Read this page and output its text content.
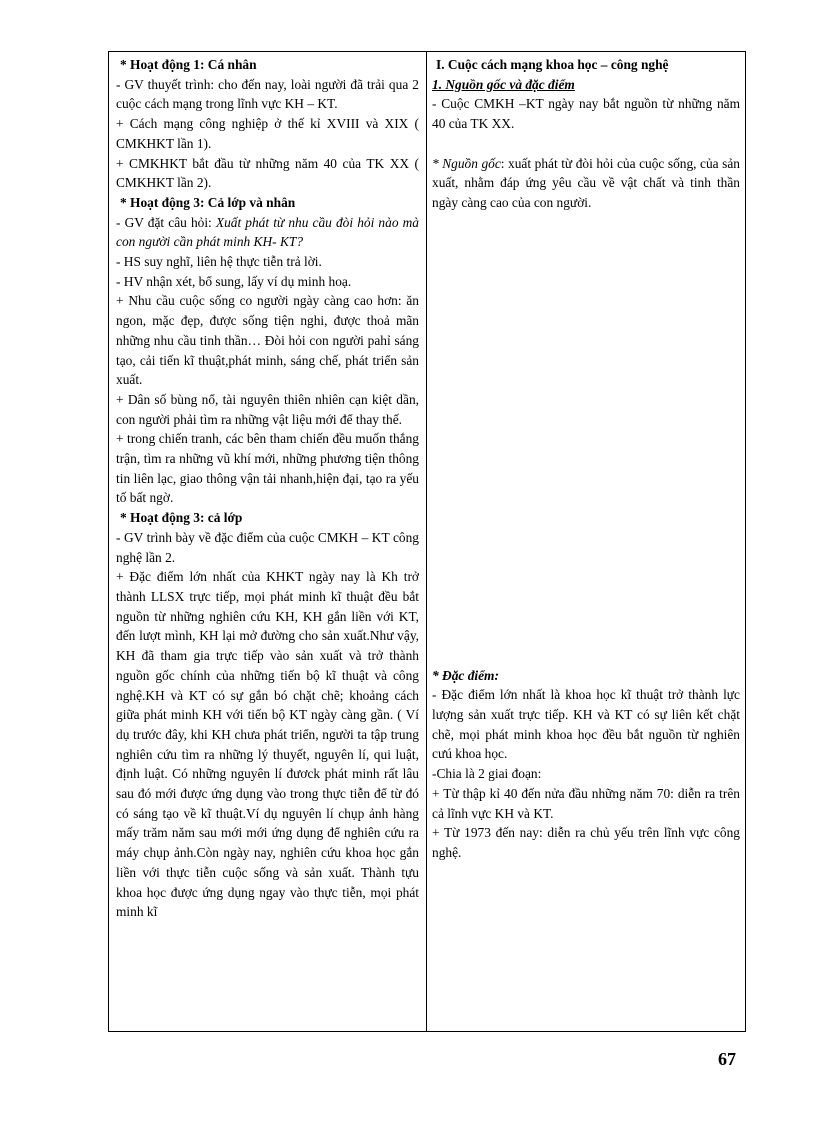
* Hoạt động 1: Cá nhân

- GV thuyết trình: cho đến nay, loài người đã trải qua 2 cuộc cách mạng trong lĩnh vực KH – KT.

+ Cách mạng công nghiệp ở thế kỉ XVIII và XIX ( CMKHKT lần 1).

+ CMKHKT bắt đầu từ những năm 40 của TK XX ( CMKHKT lần 2).

* Hoạt động 3: Cả lớp và nhân

- GV đặt câu hỏi: Xuất phát từ nhu cầu đòi hỏi nào mà con người cần phát minh KH- KT?

- HS suy nghĩ, liên hệ thực tiễn trả lời.

- HV nhận xét, bổ sung, lấy ví dụ minh hoạ.

+ Nhu cầu cuộc sống co người ngày càng cao hơn: ăn ngon, mặc đẹp, được sống tiện nghi, được thoả mãn những nhu cầu tinh thần… Đòi hỏi con người pahỉ sáng tạo, cải tiến kĩ thuật,phát minh, sáng chế, phát triển sản xuất.

+ Dân số bùng nổ, tài nguyên thiên nhiên cạn kiệt dần, con người phải tìm ra những vật liệu mới để thay thế.

+ trong chiến tranh, các bên tham chiến đều muốn thắng trận, tìm ra những vũ khí mới, những phương tiện thông tin liên lạc, giao thông vận tải nhanh,hiện đại, tạo ra yếu tố bất ngờ.

* Hoạt động 3: cả lớp

- GV trình bày về đặc điểm của cuộc CMKH – KT công nghệ lần 2.

+ Đặc điểm lớn nhất của KHKT ngày nay là Kh trở thành LLSX trực tiếp, mọi phát minh kĩ thuật đều bắt nguồn từ những nghiên cứu KH, KH gắn liền với KT, đến lượt mình, KH lại mở đường cho sản xuất.Như vậy, KH đã tham gia trực tiếp vào sản xuất và trở thành nguồn gốc chính của những tiến bộ kĩ thuật và công nghệ.KH và KT có sự gắn bó chặt chẽ; khoảng cách giữa phát minh KH với tiến bộ KT ngày càng gần. ( Ví dụ trước đây, khi KH chưa phát triển, người ta tập trung nghiên cứu tìm ra những lý thuyết, nguyên lí, qui luật, định luật. Có những nguyên lí đươck phát minh rất lâu sau đó mới được ứng dụng vào trong thực tiễn để từ đó có sáng tạo về kĩ thuật.Ví dụ nguyên lí chụp ảnh hàng mấy trăm năm sau mới mới ứng dụng để nghiên cứu ra máy chụp ảnh.Còn ngày nay, nghiên cứu khoa học gắn liền với thực tiễn cuộc sống và sản xuất. Thành tựu khoa học được ứng dụng ngay vào thực tiễn, mọi phát minh kĩ

I. Cuộc cách mạng khoa học – công nghệ

1. Nguồn gốc và đặc điểm

- Cuộc CMKH –KT ngày nay bắt nguồn từ những năm 40 của TK XX.

* Nguồn gốc: xuất phát từ đòi hỏi của cuộc sống, của sản xuất, nhằm đáp ứng yêu cầu về vật chất và tinh thần ngày càng cao của con người.

* Đặc điểm:

- Đặc điểm lớn nhất là khoa học kĩ thuật trở thành lực lượng sản xuất trực tiếp. KH và KT có sự liên kết chặt chẽ, mọi phát minh khoa học đều bắt nguồn từ nghiên cưú khoa học.

-Chia là 2 giai đoạn:

+ Từ thập kỉ 40 đến nửa đầu những năm 70: diễn ra trên cả lĩnh vực KH và KT.

+ Từ 1973 đến nay: diễn ra chủ yếu trên lĩnh vực công nghệ.

67
